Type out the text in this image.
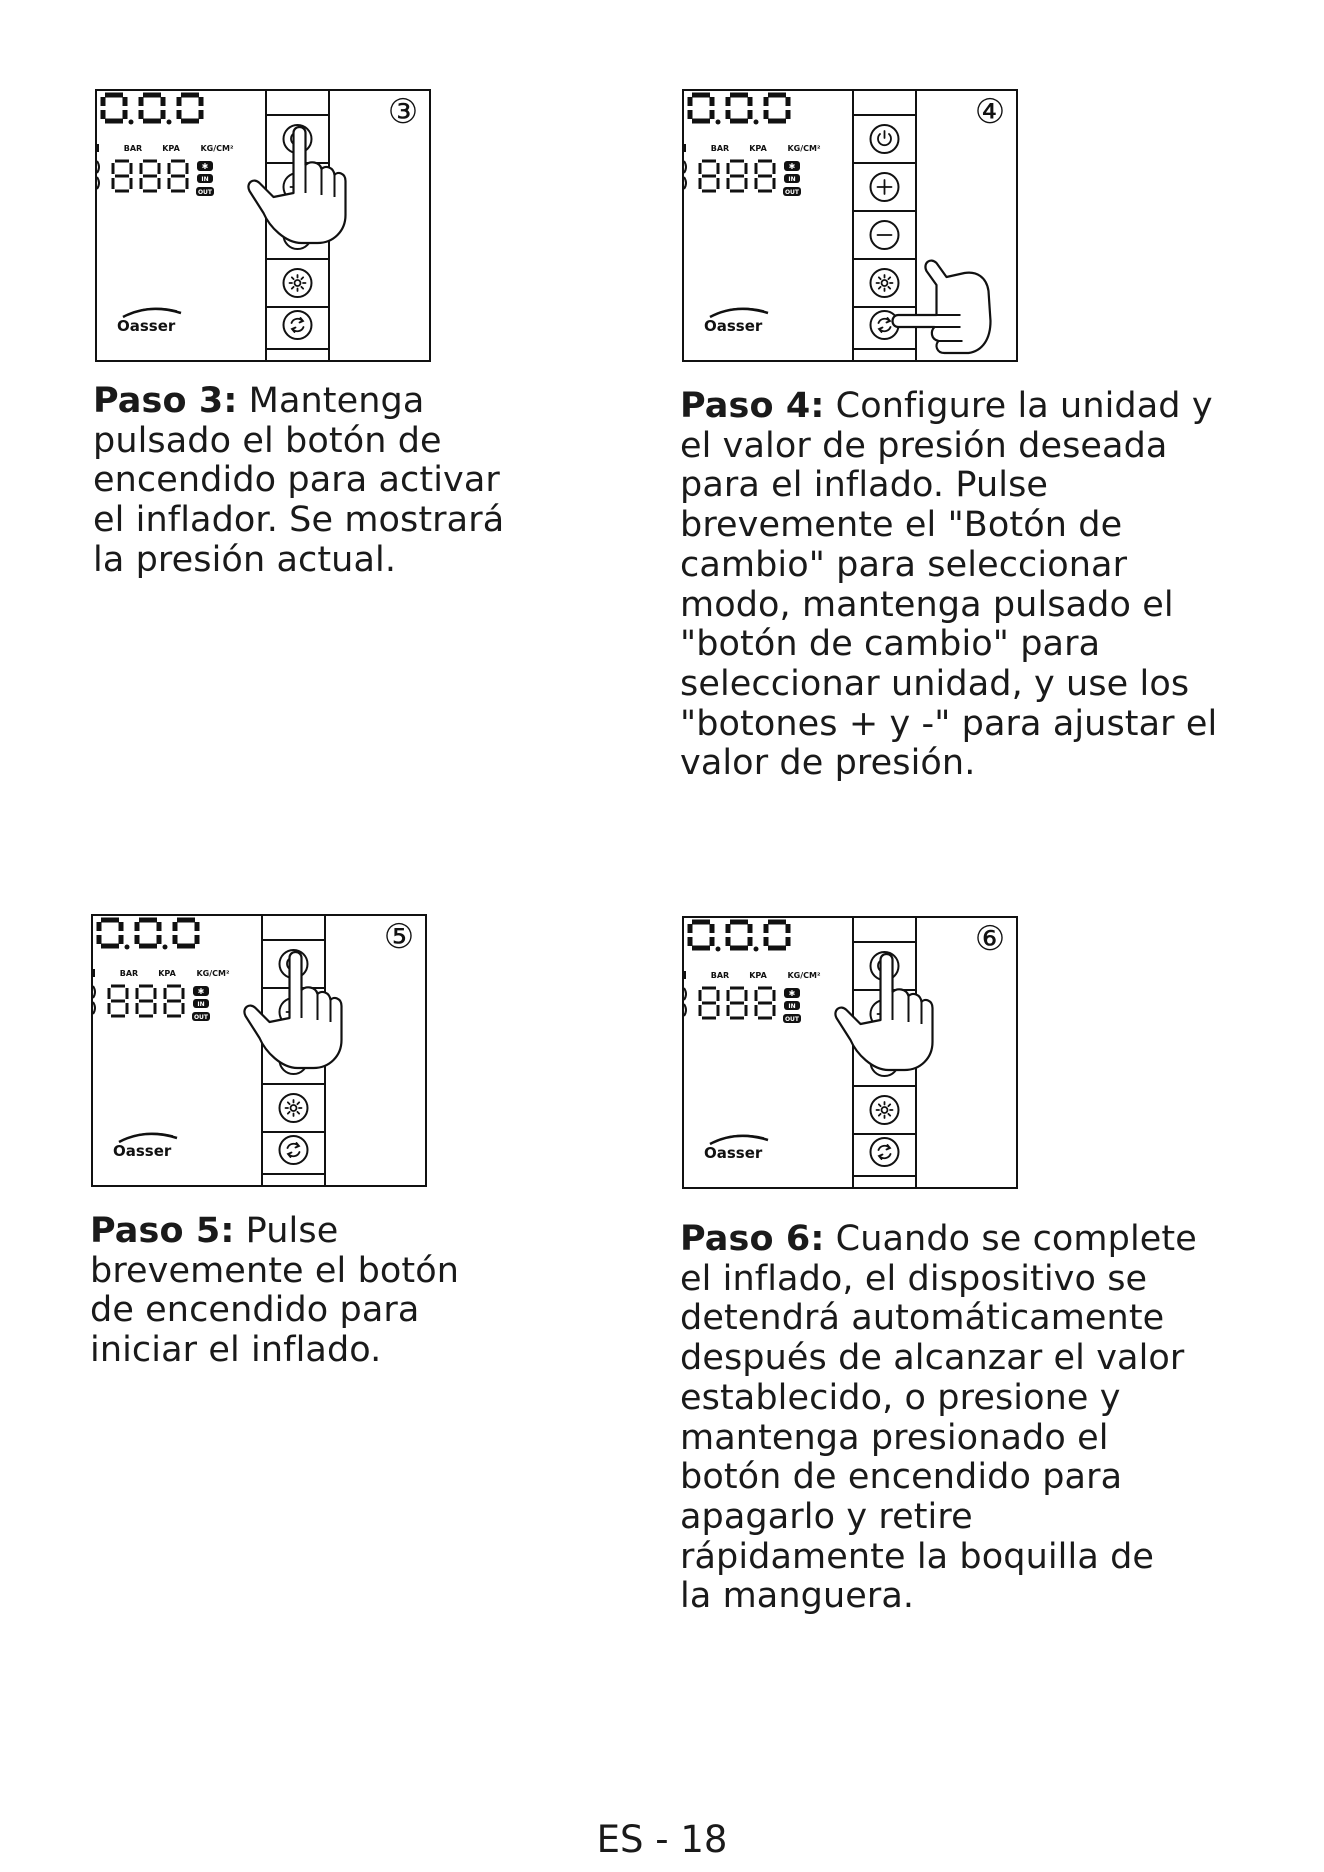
③
BAR	KPA	KG/CM²
✱
IN
OUT
Oasser

Paso 3: Mantenga
pulsado el botón de
encendido para activar
el inflador. Se mostrará
la presión actual.

④
BAR	KPA	KG/CM²
✱
IN
OUT
Oasser

Paso 4: Configure la unidad y
el valor de presión deseada
para el inflado. Pulse
brevemente el "Botón de
cambio" para seleccionar
modo, mantenga pulsado el
"botón de cambio" para
seleccionar unidad, y use los
"botones + y -" para ajustar el
valor de presión.

⑤
BAR	KPA	KG/CM²
✱
IN
OUT
Oasser

Paso 5: Pulse
brevemente el botón
de encendido para
iniciar el inflado.

⑥
BAR	KPA	KG/CM²
✱
IN
OUT
Oasser

Paso 6: Cuando se complete
el inflado, el dispositivo se
detendrá automáticamente
después de alcanzar el valor
establecido, o presione y
mantenga presionado el
botón de encendido para
apagarlo y retire
rápidamente la boquilla de
la manguera.

ES - 18
